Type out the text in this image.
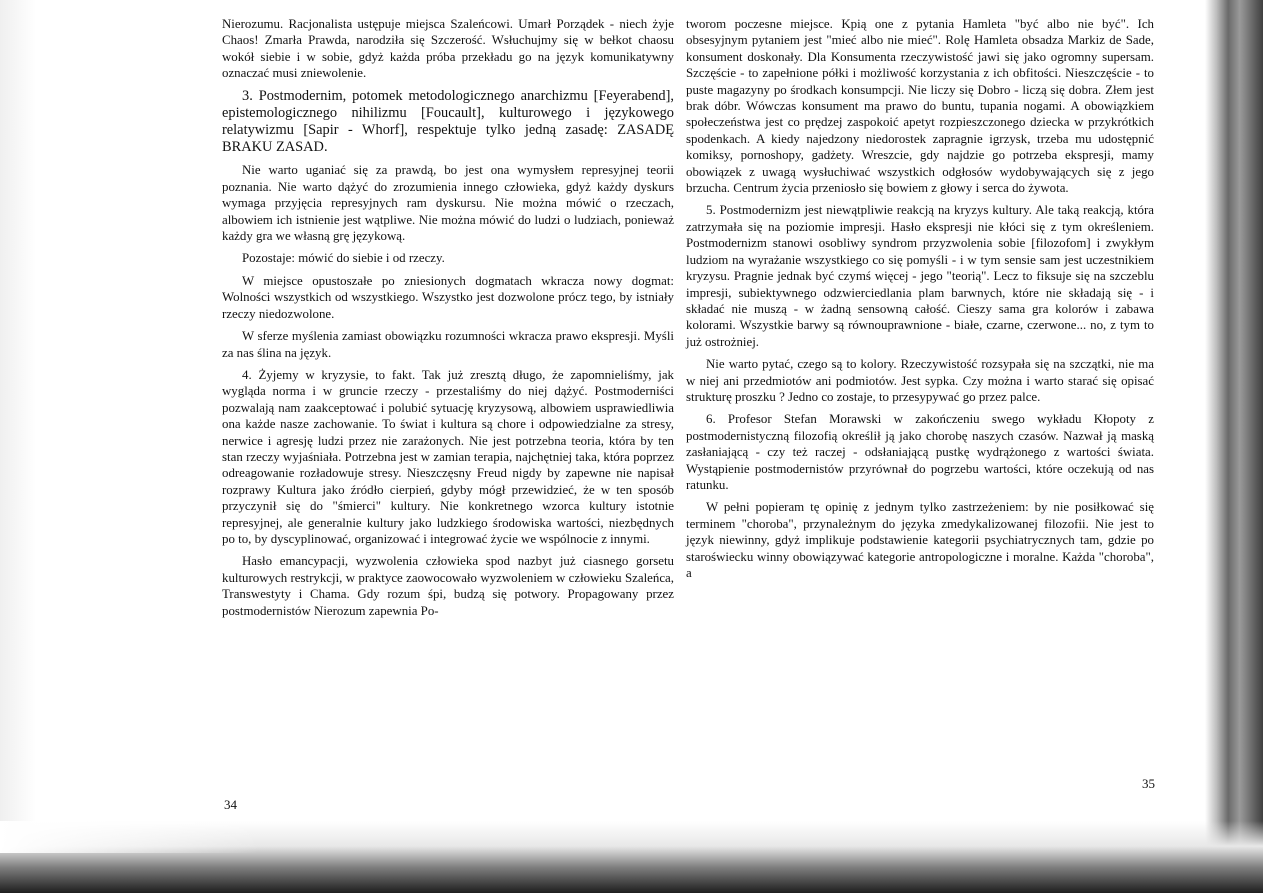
Nierozumu. Racjonalista ustępuje miejsca Szaleńcowi. Umarł Porządek - niech żyje Chaos! Zmarła Prawda, narodziła się Szczerość. Wsłuchujmy się w bełkot chaosu wokół siebie i w sobie, gdyż każda próba przekładu go na język komunikatywny oznaczać musi zniewolenie.

3. Postmodernim, potomek metodologicznego anarchizmu [Feyerabend], epistemologicznego nihilizmu [Foucault], kulturowego i językowego relatywizmu [Sapir - Whorf], respektuje tylko jedną zasadę: ZASADĘ BRAKU ZASAD.

Nie warto uganiać się za prawdą, bo jest ona wymysłem represyjnej teorii poznania. Nie warto dążyć do zrozumienia innego człowieka, gdyż każdy dyskurs wymaga przyjęcia represyjnych ram dyskursu. Nie można mówić o rzeczach, albowiem ich istnienie jest wątpliwe. Nie można mówić do ludzi o ludziach, ponieważ każdy gra we własną grę językową.

Pozostaje: mówić do siebie i od rzeczy.

W miejsce opustoszałe po zniesionych dogmatach wkracza nowy dogmat: Wolności wszystkich od wszystkiego. Wszystko jest dozwolone prócz tego, by istniały rzeczy niedozwolone.

W sferze myślenia zamiast obowiązku rozumności wkracza prawo ekspresji. Myśli za nas ślina na język.

4. Żyjemy w kryzysie, to fakt. Tak już zresztą długo, że zapomnieliśmy, jak wygląda norma i w gruncie rzeczy - przestaliśmy do niej dążyć. Postmoderniści pozwalają nam zaakceptować i polubić sytuację kryzysową, albowiem usprawiedliwia ona każde nasze zachowanie. To świat i kultura są chore i odpowiedzialne za stresy, nerwice i agresję ludzi przez nie zarażonych. Nie jest potrzebna teoria, która by ten stan rzeczy wyjaśniała. Potrzebna jest w zamian terapia, najchętniej taka, która poprzez odreagowanie rozładowuje stresy. Nieszczęsny Freud nigdy by zapewne nie napisał rozprawy Kultura jako źródło cierpień, gdyby mógł przewidzieć, że w ten sposób przyczynił się do "śmierci" kultury. Nie konkretnego wzorca kultury istotnie represyjnej, ale generalnie kultury jako ludzkiego środowiska wartości, niezbędnych po to, by dyscyplinować, organizować i integrować życie we wspólnocie z innymi.

Hasło emancypacji, wyzwolenia człowieka spod nazbyt już ciasnego gorsetu kulturowych restrykcji, w praktyce zaowocowało wyzwoleniem w człowieku Szaleńca, Transwestyty i Chama. Gdy rozum śpi, budzą się potwory. Propagowany przez postmodernistów Nierozum zapewnia Po-

tworom poczesne miejsce. Kpią one z pytania Hamleta "być albo nie być". Ich obsesyjnym pytaniem jest "mieć albo nie mieć". Rolę Hamleta obsadza Markiz de Sade, konsument doskonały. Dla Konsumenta rzeczywistość jawi się jako ogromny supersam. Szczęście - to zapełnione półki i możliwość korzystania z ich obfitości. Nieszczęście - to puste magazyny po środkach konsumpcji. Nie liczy się Dobro - liczą się dobra. Złem jest brak dóbr. Wówczas konsument ma prawo do buntu, tupania nogami. A obowiązkiem społeczeństwa jest co prędzej zaspokoić apetyt rozpieszczonego dziecka w przykrótkich spodenkach. A kiedy najedzony niedorostek zapragnie igrzysk, trzeba mu udostępnić komiksy, pornoshopy, gadżety. Wreszcie, gdy najdzie go potrzeba ekspresji, mamy obowiązek z uwagą wysłuchiwać wszystkich odgłosów wydobywających się z jego brzucha. Centrum życia przeniosło się bowiem z głowy i serca do żywota.

5. Postmodernizm jest niewątpliwie reakcją na kryzys kultury. Ale taką reakcją, która zatrzymała się na poziomie impresji. Hasło ekspresji nie kłóci się z tym określeniem. Postmodernizm stanowi osobliwy syndrom przyzwolenia sobie [filozofom] i zwykłym ludziom na wyrażanie wszystkiego co się pomyśli - i w tym sensie sam jest uczestnikiem kryzysu. Pragnie jednak być czymś więcej - jego "teorią". Lecz to fiksuje się na szczeblu impresji, subiektywnego odzwierciedlania plam barwnych, które nie składają się - i składać nie muszą - w żadną sensowną całość. Cieszy sama gra kolorów i zabawa kolorami. Wszystkie barwy są równouprawnione - białe, czarne, czerwone... no, z tym to już ostrożniej.

Nie warto pytać, czego są to kolory. Rzeczywistość rozsypała się na szczątki, nie ma w niej ani przedmiotów ani podmiotów. Jest sypka. Czy można i warto starać się opisać strukturę proszku ? Jedno co zostaje, to przesypywać go przez palce.

6. Profesor Stefan Morawski w zakończeniu swego wykładu Kłopoty z postmodernistyczną filozofią określił ją jako chorobę naszych czasów. Nazwał ją maską zasłaniającą - czy też raczej - odsłaniającą pustkę wydrążonego z wartości świata. Wystąpienie postmodernistów przyrównał do pogrzebu wartości, które oczekują od nas ratunku.

W pełni popieram tę opinię z jednym tylko zastrzeżeniem: by nie posiłkować się terminem "choroba", przynależnym do języka zmedykalizowanej filozofii. Nie jest to język niewinny, gdyż implikuje podstawienie kategorii psychiatrycznych tam, gdzie po staroświecku winny obowiązywać kategorie antropologiczne i moralne. Każda "choroba", a

34
35
